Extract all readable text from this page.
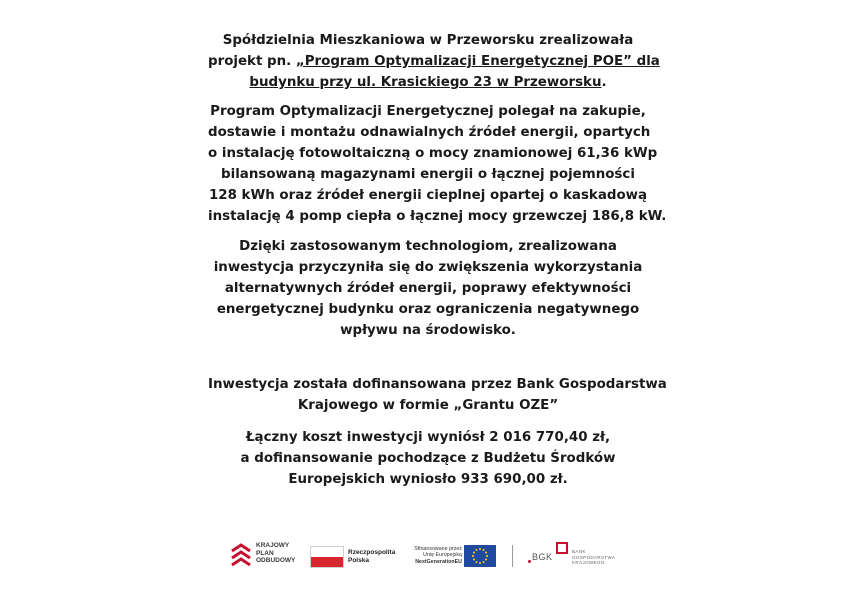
Spółdzielnia Mieszkaniowa w Przeworsku zrealizowała
projekt pn. „Program Optymalizacji Energetycznej POE” dla
budynku przy ul. Krasickiego 23 w Przeworsku.

Program Optymalizacji Energetycznej polegał na zakupie,
dostawie i montażu odnawialnych źródeł energii, opartych
o instalację fotowoltaiczną o mocy znamionowej 61,36 kWp
bilansowaną magazynami energii o łącznej pojemności
128 kWh oraz źródeł energii cieplnej opartej o kaskadową
instalację 4 pomp ciepła o łącznej mocy grzewczej 186,8 kW.

Dzięki zastosowanym technologiom, zrealizowana
inwestycja przyczyniła się do zwiększenia wykorzystania
alternatywnych źródeł energii, poprawy efektywności
energetycznej budynku oraz ograniczenia negatywnego
wpływu na środowisko.

Inwestycja została dofinansowana przez Bank Gospodarstwa
Krajowego w formie „Grantu OZE”

Łączny koszt inwestycji wyniósł 2 016 770,40 zł,
a dofinansowanie pochodzące z Budżetu Środków
Europejskich wyniosło 933 690,00 zł.

KRAJOWY
PLAN
ODBUDOWY
Rzeczpospolita
Polska
Sfinansowane przez
Unię Europejską
NextGenerationEU	BGK
BANK GOSPODARSTWA
KRAJOWEGO
